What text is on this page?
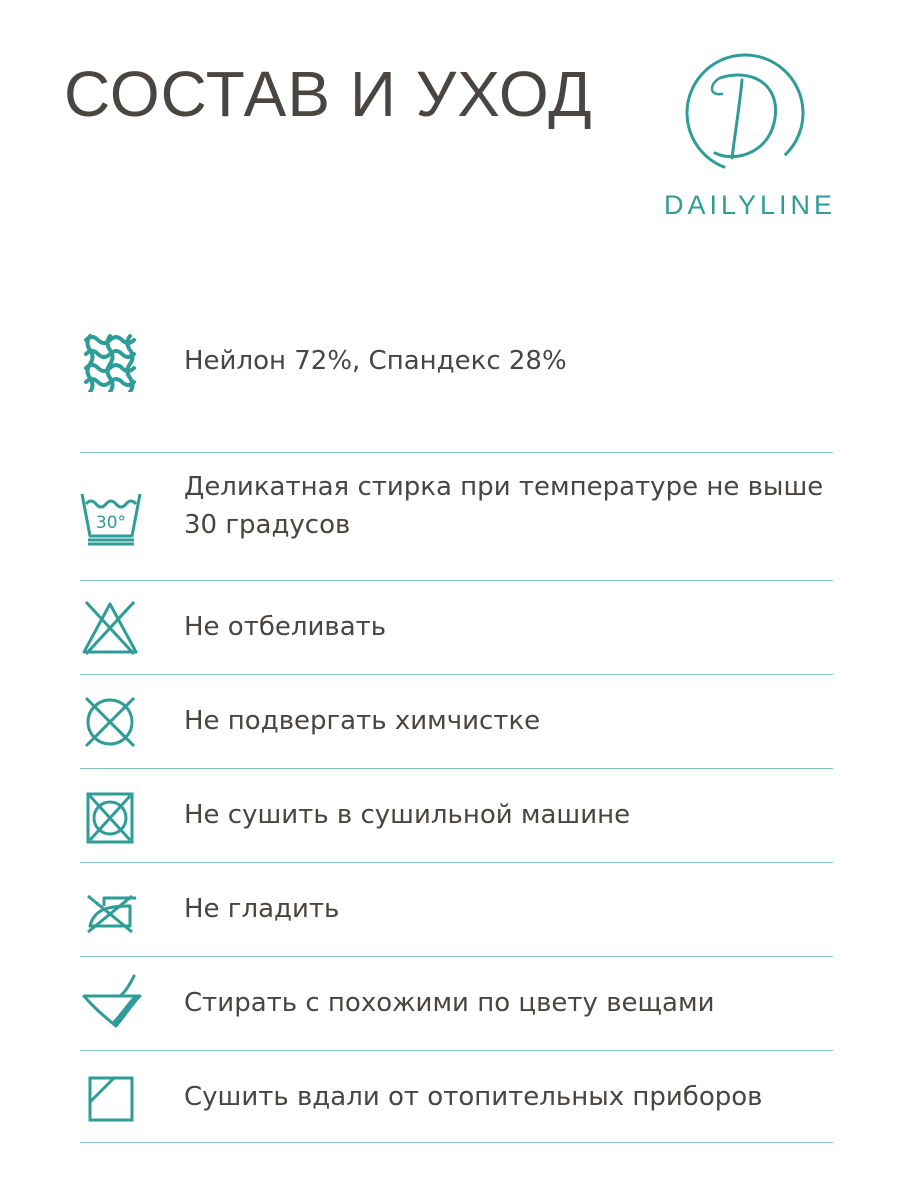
СОСТАВ И УХОД
DAILYLINE
Нейлон 72%, Спандекс 28%
30°
Деликатная стирка при температуре не выше 30 градусов
Не отбеливать
Не подвергать химчистке
Не сушить в сушильной машине
Не гладить
Стирать с похожими по цвету вещами
Сушить вдали от отопительных приборов
